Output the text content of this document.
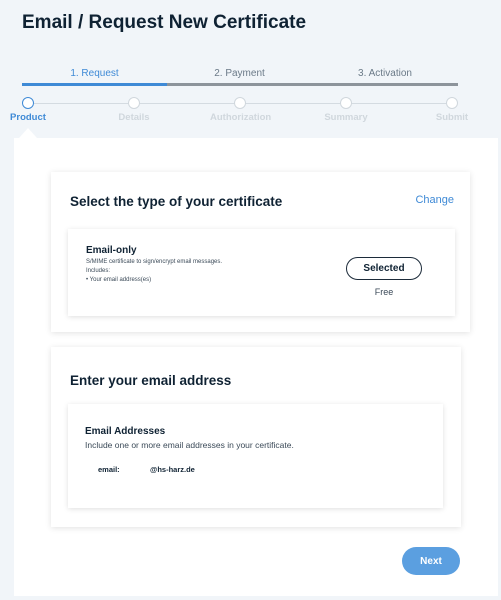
Email / Request New Certificate
1. Request	2. Payment	3. Activation
Product	Details	Authorization	Summary	Submit
Select the type of your certificate	Change
Email-only
S/MIME certificate to sign/encrypt email messages.
Includes:
• Your email address(es)
Selected
Free
Enter your email address
Email Addresses
Include one or more email addresses in your certificate.
email:	@hs-harz.de
Next
